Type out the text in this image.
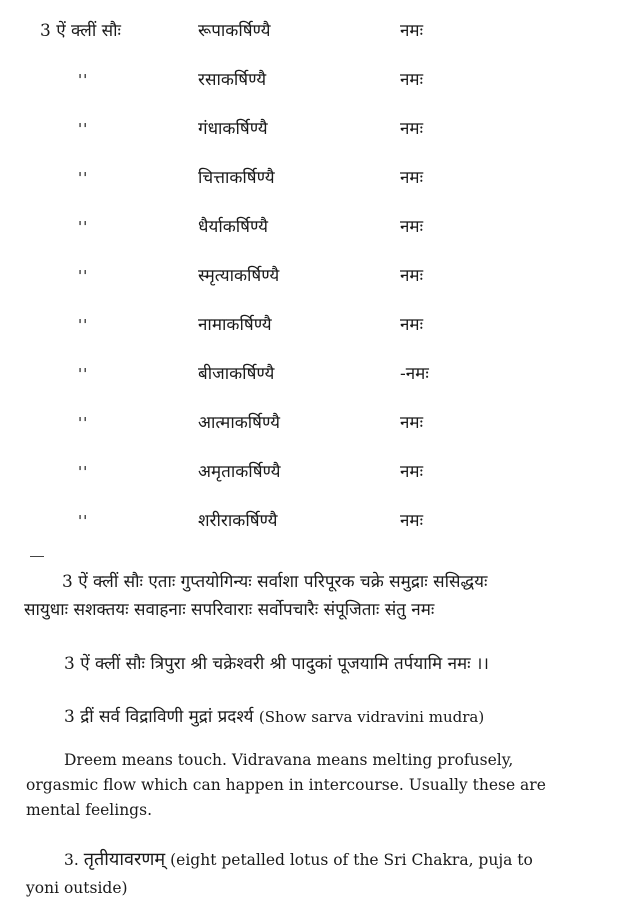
3 ऐं क्लीं सौः	रूपाकर्षिण्यै	नमः
''	रसाकर्षिण्यै	नमः
''	गंधाकर्षिण्यै	नमः
''	चित्ताकर्षिण्यै	नमः
''	धैर्याकर्षिण्यै	नमः
''	स्मृत्याकर्षिण्यै	नमः
''	नामाकर्षिण्यै	नमः
''	बीजाकर्षिण्यै	-नमः
''	आत्माकर्षिण्यै	नमः
''	अमृताकर्षिण्यै	नमः
''	शरीराकर्षिण्यै	नमः
3 ऐं क्लीं सौः एताः गुप्तयोगिन्यः सर्वाशा परिपूरक चक्रे समुद्राः ससिद्धयः
सायुधाः सशक्तयः सवाहनाः सपरिवाराः सर्वोपचारैः संपूजिताः संतु नमः
3 ऐं क्लीं सौः त्रिपुरा श्री चक्रेश्वरी श्री पादुकां पूजयामि तर्पयामि नमः ।।
3 द्रीं सर्व विद्राविणी मुद्रां प्रदर्श्य (Show sarva vidravini mudra)
Dreem means touch. Vidravana means melting profusely,
orgasmic flow which can happen in intercourse. Usually these are
mental feelings.
3. तृतीयावरणम् (eight petalled lotus of the Sri Chakra, puja to
yoni outside)
